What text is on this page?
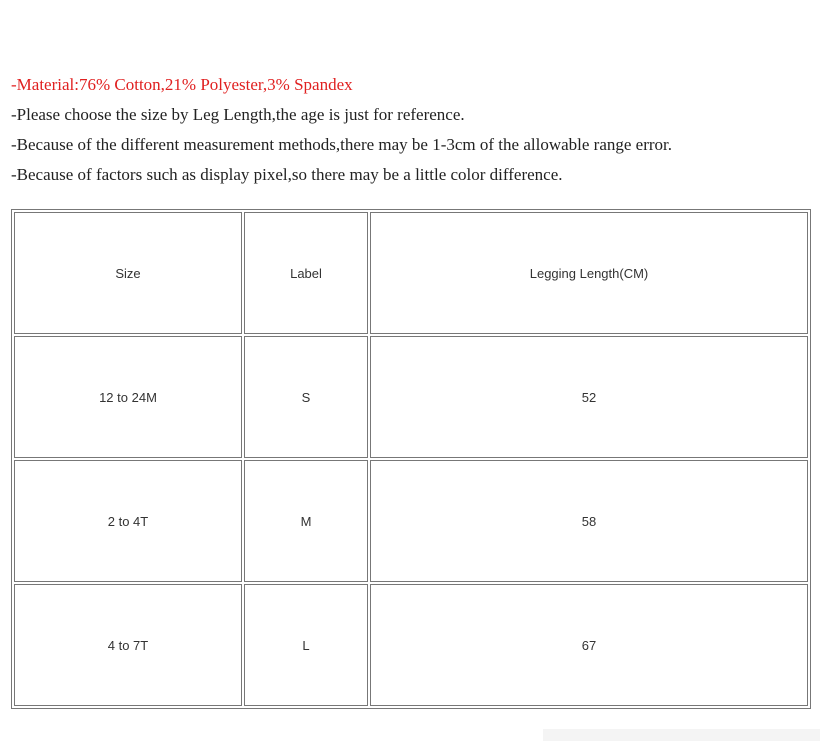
-Material:76% Cotton,21% Polyester,3% Spandex
-Please choose the size by Leg Length,the age is just for reference.
-Because of the different measurement methods,there may be 1-3cm of the allowable range error.
-Because of factors such as display pixel,so there may be a little color difference.
Size	Label	Legging Length(CM)
12 to 24M	S	52
2 to 4T	M	58
4 to 7T	L	67
